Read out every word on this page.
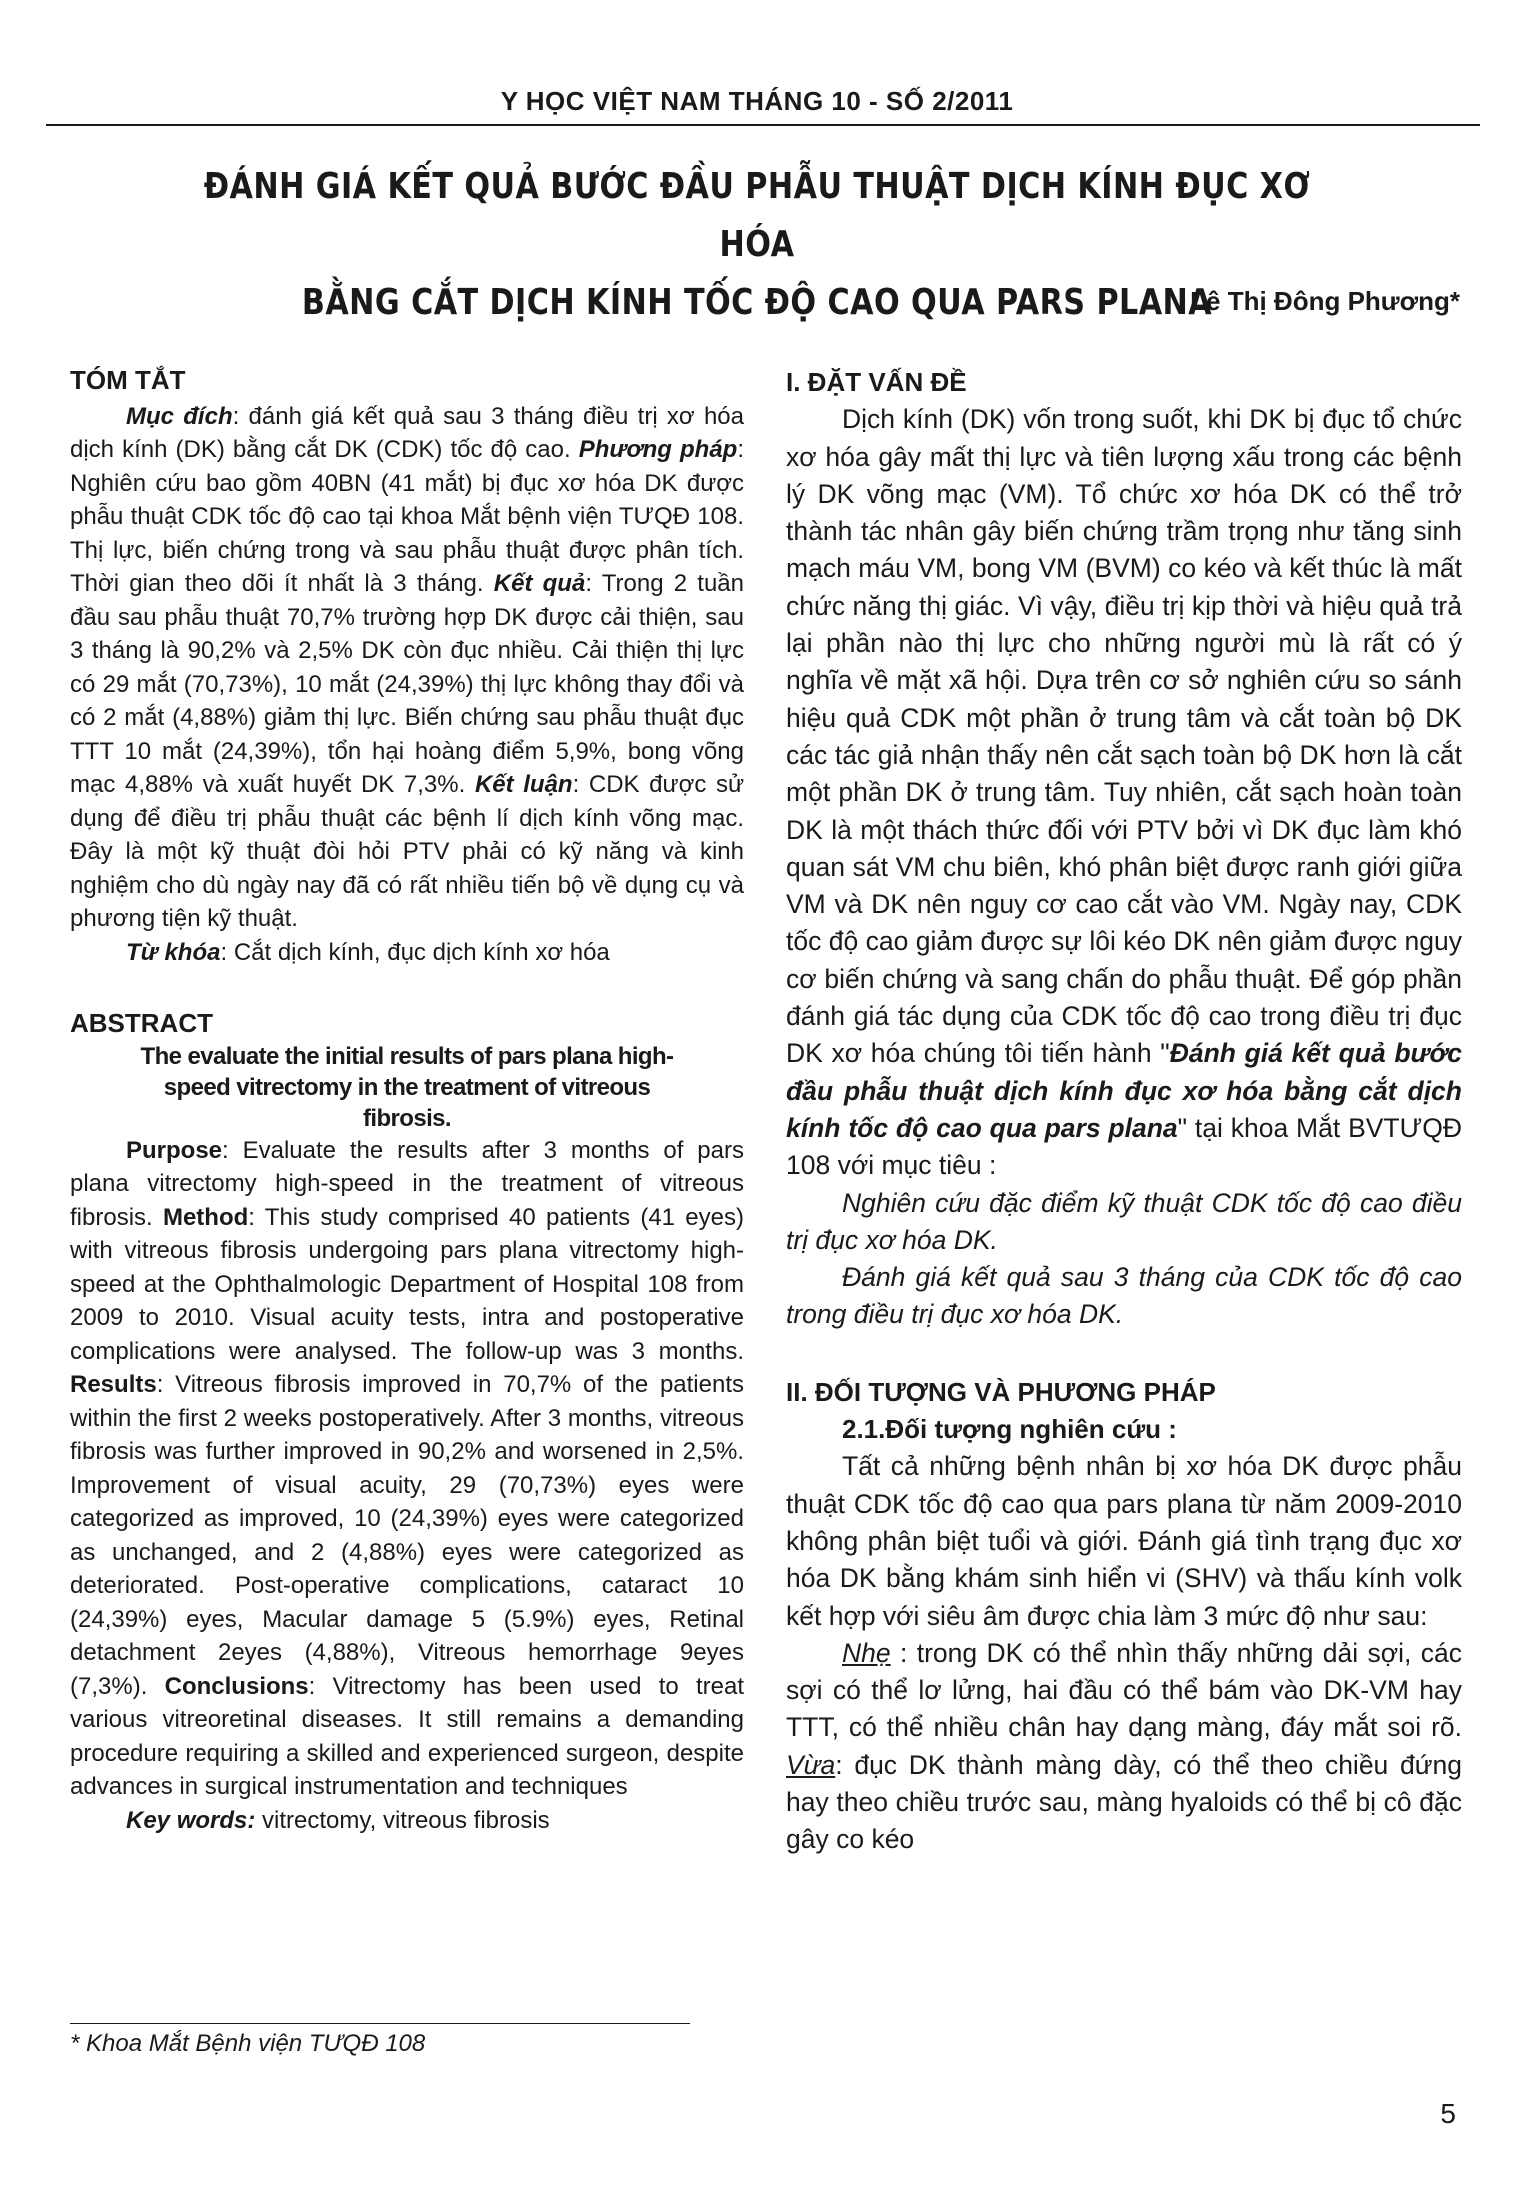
Y HỌC VIỆT NAM THÁNG 10 - SỐ 2/2011
ĐÁNH GIÁ KẾT QUẢ BƯỚC ĐẦU PHẪU THUẬT DỊCH KÍNH ĐỤC XƠ HÓA
BẰNG CẮT DỊCH KÍNH TỐC ĐỘ CAO QUA PARS PLANA
Lê Thị Đông Phương*
TÓM TẮT

Mục đích: đánh giá kết quả sau 3 tháng điều trị xơ hóa dịch kính (DK) bằng cắt DK (CDK) tốc độ cao. Phương pháp: Nghiên cứu bao gồm 40BN (41 mắt) bị đục xơ hóa DK được phẫu thuật CDK tốc độ cao tại khoa Mắt bệnh viện TƯQĐ 108. Thị lực, biến chứng trong và sau phẫu thuật được phân tích. Thời gian theo dõi ít nhất là 3 tháng. Kết quả: Trong 2 tuần đầu sau phẫu thuật 70,7% trường hợp DK được cải thiện, sau 3 tháng là 90,2% và 2,5% DK còn đục nhiều. Cải thiện thị lực có 29 mắt (70,73%), 10 mắt (24,39%) thị lực không thay đổi và có 2 mắt (4,88%) giảm thị lực. Biến chứng sau phẫu thuật đục TTT 10 mắt (24,39%), tổn hại hoàng điểm 5,9%, bong võng mạc 4,88% và xuất huyết DK 7,3%. Kết luận: CDK được sử dụng để điều trị phẫu thuật các bệnh lí dịch kính võng mạc. Đây là một kỹ thuật đòi hỏi PTV phải có kỹ năng và kinh nghiệm cho dù ngày nay đã có rất nhiều tiến bộ về dụng cụ và phương tiện kỹ thuật.

Từ khóa: Cắt dịch kính, đục dịch kính xơ hóa

ABSTRACT

The evaluate the initial results of pars plana high-speed vitrectomy in the treatment of vitreous fibrosis.

Purpose: Evaluate the results after 3 months of pars plana vitrectomy high-speed in the treatment of vitreous fibrosis. Method: This study comprised 40 patients (41 eyes) with vitreous fibrosis undergoing pars plana vitrectomy high-speed at the Ophthalmologic Department of Hospital 108 from 2009 to 2010. Visual acuity tests, intra and postoperative complications were analysed. The follow-up was 3 months. Results: Vitreous fibrosis improved in 70,7% of the patients within the first 2 weeks postoperatively. After 3 months, vitreous fibrosis was further improved in 90,2% and worsened in 2,5%. Improvement of visual acuity, 29 (70,73%) eyes were categorized as improved, 10 (24,39%) eyes were categorized as unchanged, and 2 (4,88%) eyes were categorized as deteriorated. Post-operative complications, cataract 10 (24,39%) eyes, Macular damage 5 (5.9%) eyes, Retinal detachment 2eyes (4,88%), Vitreous hemorrhage 9eyes (7,3%). Conclusions: Vitrectomy has been used to treat various vitreoretinal diseases. It still remains a demanding procedure requiring a skilled and experienced surgeon, despite advances in surgical instrumentation and techniques

Key words: vitrectomy, vitreous fibrosis

* Khoa Mắt Bệnh viện TƯQĐ 108
I. ĐẶT VẤN ĐỀ

Dịch kính (DK) vốn trong suốt, khi DK bị đục tổ chức xơ hóa gây mất thị lực và tiên lượng xấu trong các bệnh lý DK võng mạc (VM). Tổ chức xơ hóa DK có thể trở thành tác nhân gây biến chứng trầm trọng như tăng sinh mạch máu VM, bong VM (BVM) co kéo và kết thúc là mất chức năng thị giác. Vì vậy, điều trị kịp thời và hiệu quả trả lại phần nào thị lực cho những người mù là rất có ý nghĩa về mặt xã hội. Dựa trên cơ sở nghiên cứu so sánh hiệu quả CDK một phần ở trung tâm và cắt toàn bộ DK các tác giả nhận thấy nên cắt sạch toàn bộ DK hơn là cắt một phần DK ở trung tâm. Tuy nhiên, cắt sạch hoàn toàn DK là một thách thức đối với PTV bởi vì DK đục làm khó quan sát VM chu biên, khó phân biệt được ranh giới giữa VM và DK nên nguy cơ cao cắt vào VM. Ngày nay, CDK tốc độ cao giảm được sự lôi kéo DK nên giảm được nguy cơ biến chứng và sang chấn do phẫu thuật. Để góp phần đánh giá tác dụng của CDK tốc độ cao trong điều trị đục DK xơ hóa chúng tôi tiến hành "Đánh giá kết quả bước đầu phẫu thuật dịch kính đục xơ hóa bằng cắt dịch kính tốc độ cao qua pars plana" tại khoa Mắt BVTƯQĐ 108 với mục tiêu :

Nghiên cứu đặc điểm kỹ thuật CDK tốc độ cao điều trị đục xơ hóa DK.

Đánh giá kết quả sau 3 tháng của CDK tốc độ cao trong điều trị đục xơ hóa DK.

II. ĐỐI TƯỢNG VÀ PHƯƠNG PHÁP
2.1.Đối tượng nghiên cứu :

Tất cả những bệnh nhân bị xơ hóa DK được phẫu thuật CDK tốc độ cao qua pars plana từ năm 2009-2010 không phân biệt tuổi và giới. Đánh giá tình trạng đục xơ hóa DK bằng khám sinh hiển vi (SHV) và thấu kính volk kết hợp với siêu âm được chia làm 3 mức độ như sau:

Nhẹ : trong DK có thể nhìn thấy những dải sợi, các sợi có thể lơ lửng, hai đầu có thể bám vào DK-VM hay TTT, có thể nhiều chân hay dạng màng, đáy mắt soi rõ. Vừa: đục DK thành màng dày, có thể theo chiều đứng hay theo chiều trước sau, màng hyaloids có thể bị cô đặc gây co kéo

5
